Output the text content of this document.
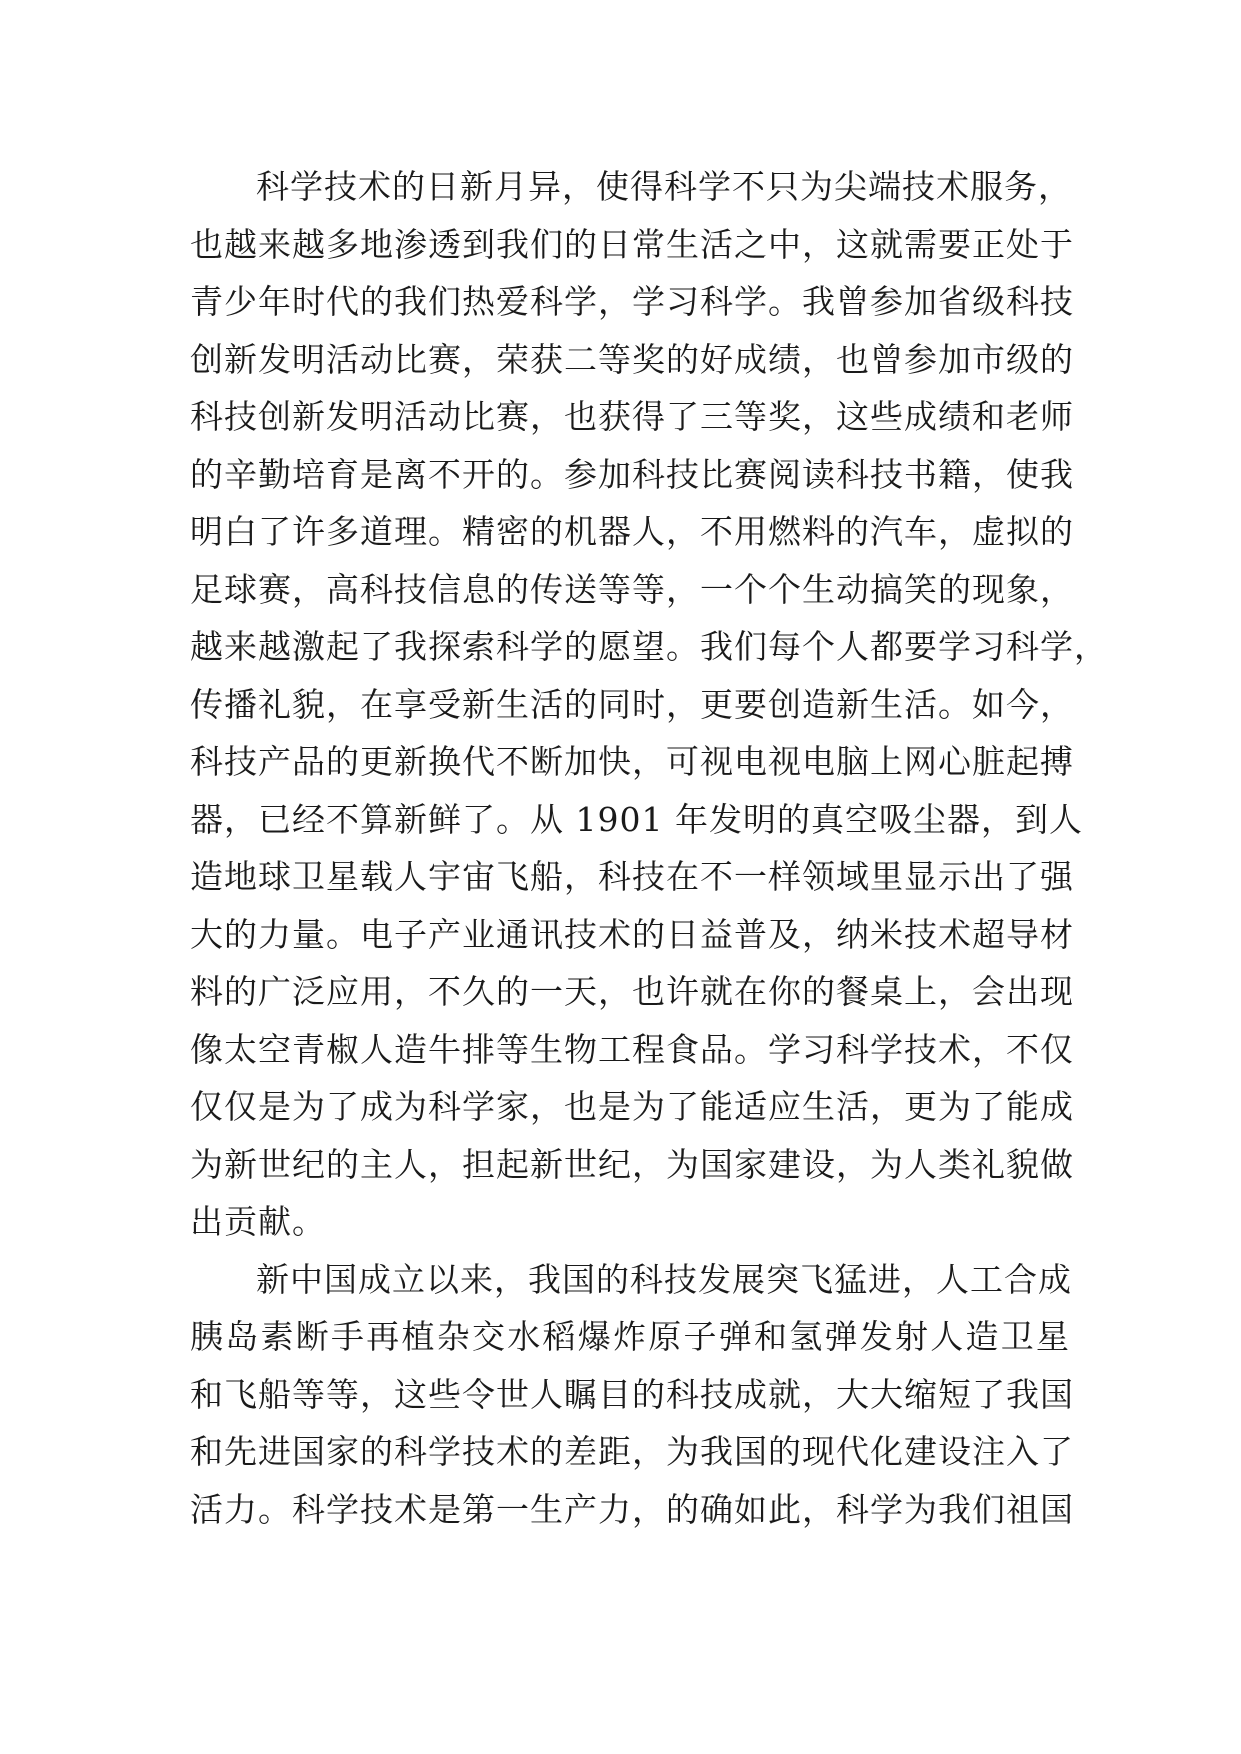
科学技术的日新月异，使得科学不只为尖端技术服务，
也越来越多地渗透到我们的日常生活之中，这就需要正处于
青少年时代的我们热爱科学，学习科学。我曾参加省级科技
创新发明活动比赛，荣获二等奖的好成绩，也曾参加市级的
科技创新发明活动比赛，也获得了三等奖，这些成绩和老师
的辛勤培育是离不开的。参加科技比赛阅读科技书籍，使我
明白了许多道理。精密的机器人，不用燃料的汽车，虚拟的
足球赛，高科技信息的传送等等，一个个生动搞笑的现象，
越来越激起了我探索科学的愿望。我们每个人都要学习科学，
传播礼貌，在享受新生活的同时，更要创造新生活。如今，
科技产品的更新换代不断加快，可视电视电脑上网心脏起搏
器，已经不算新鲜了。从 1901 年发明的真空吸尘器，到人
造地球卫星载人宇宙飞船，科技在不一样领域里显示出了强
大的力量。电子产业通讯技术的日益普及，纳米技术超导材
料的广泛应用，不久的一天，也许就在你的餐桌上，会出现
像太空青椒人造牛排等生物工程食品。学习科学技术，不仅
仅仅是为了成为科学家，也是为了能适应生活，更为了能成
为新世纪的主人，担起新世纪，为国家建设，为人类礼貌做
出贡献。
新中国成立以来，我国的科技发展突飞猛进，人工合成
胰岛素断手再植杂交水稻爆炸原子弹和氢弹发射人造卫星
和飞船等等，这些令世人瞩目的科技成就，大大缩短了我国
和先进国家的科学技术的差距，为我国的现代化建设注入了
活力。科学技术是第一生产力，的确如此，科学为我们祖国
